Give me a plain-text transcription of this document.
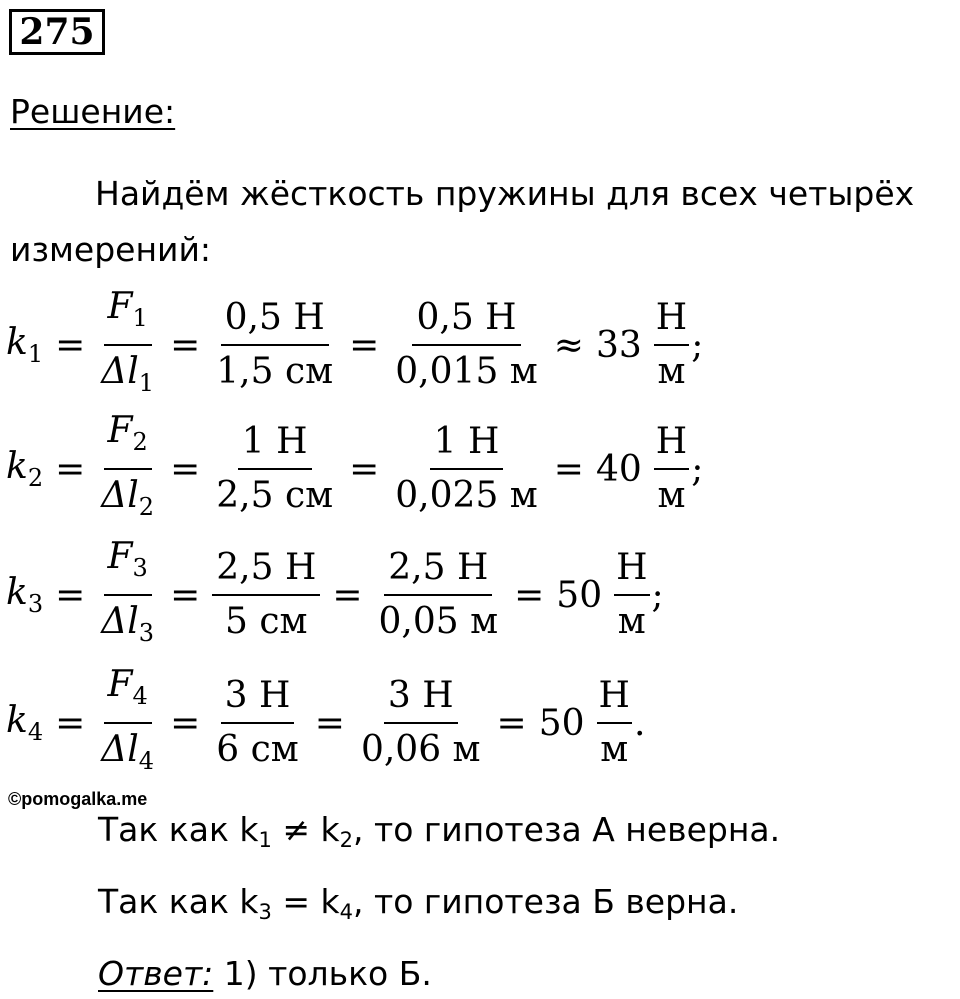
275
Решение:

Найдём жёсткость пружины для всех четырёх измерений:

$k_1 = \frac{F_1}{\Delta l_1} = \frac{0,5 Н}{1,5 см} = \frac{0,5 Н}{0,015 м} \approx 33 \frac{Н}{м}$ ;
$k_2 = \frac{F_2}{\Delta l_2} = \frac{1 Н}{2,5 см} = \frac{1 Н}{0,025 м} = 40 \frac{Н}{м}$ ;
$k_3 = \frac{F_3}{\Delta l_3} = \frac{2,5 Н}{5 см} = \frac{2,5 Н}{0,05 м} = 50 \frac{Н}{м}$ ;
$k_4 = \frac{F_4}{\Delta l_4} = \frac{3 Н}{6 см} = \frac{3 Н}{0,06 м} = 50 \frac{Н}{м}$ .
©pomogalka.me
Так как $k_1 \ne k_2$, то гипотеза А неверна.
Так как $k_3 = k_4$, то гипотеза Б верна.
Ответ: 1) только Б.
